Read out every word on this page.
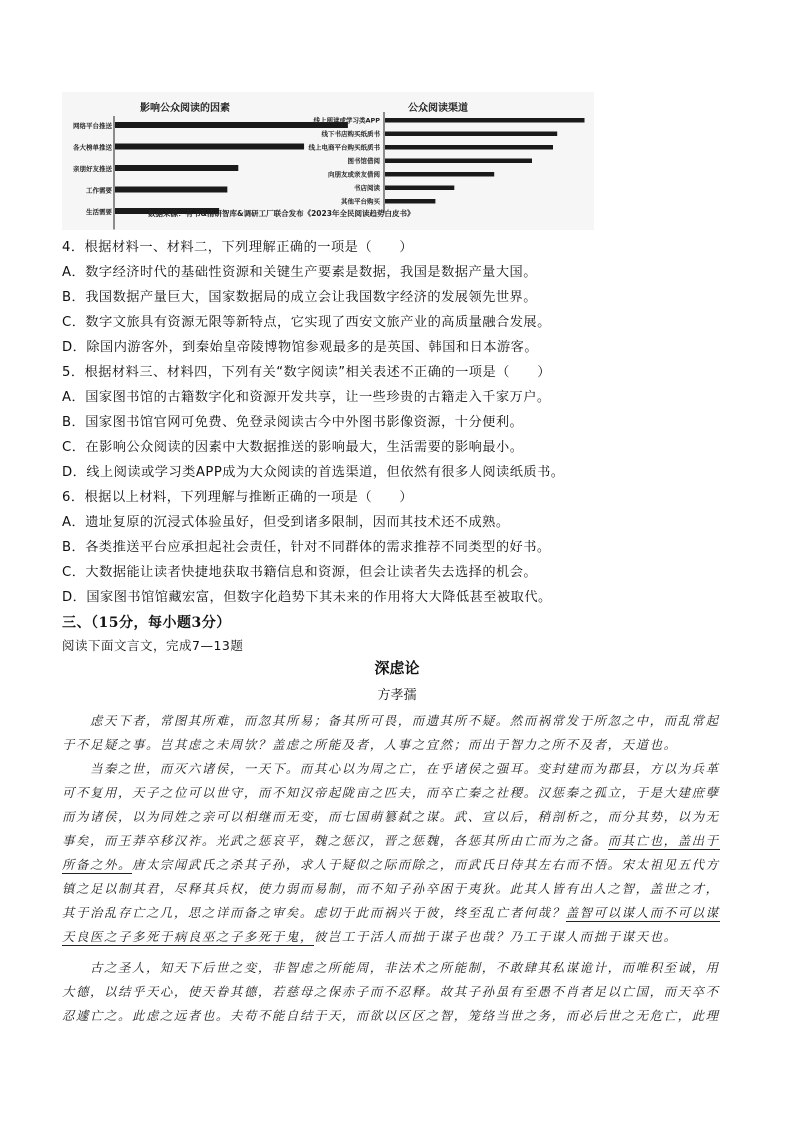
影响公众阅读的因素
网络平台推送
各大榜单推送
亲朋好友推送
工作需要
生活需要
公众阅读渠道
线上阅读或学习类APP
线下书店购买纸质书
线上电商平台购买纸质书
图书馆借阅
向朋友或亲友借阅
书店阅读
其他平台购买
数据来源：有书&清研智库&调研工厂联合发布《2023年全民阅读趋势白皮书》
4．根据材料一、材料二，下列理解正确的一项是（　　）
A．数字经济时代的基础性资源和关键生产要素是数据，我国是数据产量大国。
B．我国数据产量巨大，国家数据局的成立会让我国数字经济的发展领先世界。
C．数字文旅具有资源无限等新特点，它实现了西安文旅产业的高质量融合发展。
D．除国内游客外，到秦始皇帝陵博物馆参观最多的是英国、韩国和日本游客。
5．根据材料三、材料四，下列有关“数字阅读”相关表述不正确的一项是（　　）
A．国家图书馆的古籍数字化和资源开发共享，让一些珍贵的古籍走入千家万户。
B．国家图书馆官网可免费、免登录阅读古今中外图书影像资源，十分便利。
C．在影响公众阅读的因素中大数据推送的影响最大，生活需要的影响最小。
D．线上阅读或学习类APP成为大众阅读的首选渠道，但依然有很多人阅读纸质书。
6．根据以上材料，下列理解与推断正确的一项是（　　）
A．遗址复原的沉浸式体验虽好，但受到诸多限制，因而其技术还不成熟。
B．各类推送平台应承担起社会责任，针对不同群体的需求推荐不同类型的好书。
C．大数据能让读者快捷地获取书籍信息和资源，但会让读者失去选择的机会。
D．国家图书馆馆藏宏富，但数字化趋势下其未来的作用将大大降低甚至被取代。
三、（15分，每小题3分）
阅读下面文言文，完成7—13题
深虑论
方孝孺
　　虑天下者，常图其所难，而忽其所易；备其所可畏，而遗其所不疑。然而祸常发于所忽之中，而乱常起
于不足疑之事。岂其虑之未周欤？盖虑之所能及者，人事之宜然；而出于智力之所不及者，天道也。
　　当秦之世，而灭六诸侯，一天下。而其心以为周之亡，在乎诸侯之强耳。变封建而为郡县，方以为兵革
可不复用，天子之位可以世守，而不知汉帝起陇亩之匹夫，而卒亡秦之社稷。汉惩秦之孤立，于是大建庶孽
而为诸侯，以为同姓之亲可以相继而无变，而七国萌篡弑之谋。武、宣以后，稍剖析之，而分其势，以为无
事矣，而王莽卒移汉祚。光武之惩哀平，魏之惩汉，晋之惩魏，各惩其所由亡而为之备。而其亡也，盖出于
所备之外。唐太宗闻武氏之杀其子孙，求人于疑似之际而除之，而武氏日侍其左右而不悟。宋太祖见五代方
镇之足以制其君，尽释其兵权，使力弱而易制，而不知子孙卒困于夷狄。此其人皆有出人之智，盖世之才，
其于治乱存亡之几，思之详而备之审矣。虑切于此而祸兴于彼，终至乱亡者何哉？盖智可以谋人而不可以谋
天良医之子多死于病良巫之子多死于鬼，彼岂工于活人而拙于谋子也哉？乃工于谋人而拙于谋天也。
　　古之圣人，知天下后世之变，非智虑之所能周，非法术之所能制，不敢肆其私谋诡计，而唯积至诚，用
大德，以结乎天心，使天眷其德，若慈母之保赤子而不忍释。故其子孙虽有至愚不肖者足以亡国，而天卒不
忍遽亡之。此虑之远者也。夫苟不能自结于天，而欲以区区之智，笼络当世之务，而必后世之无危亡，此理
